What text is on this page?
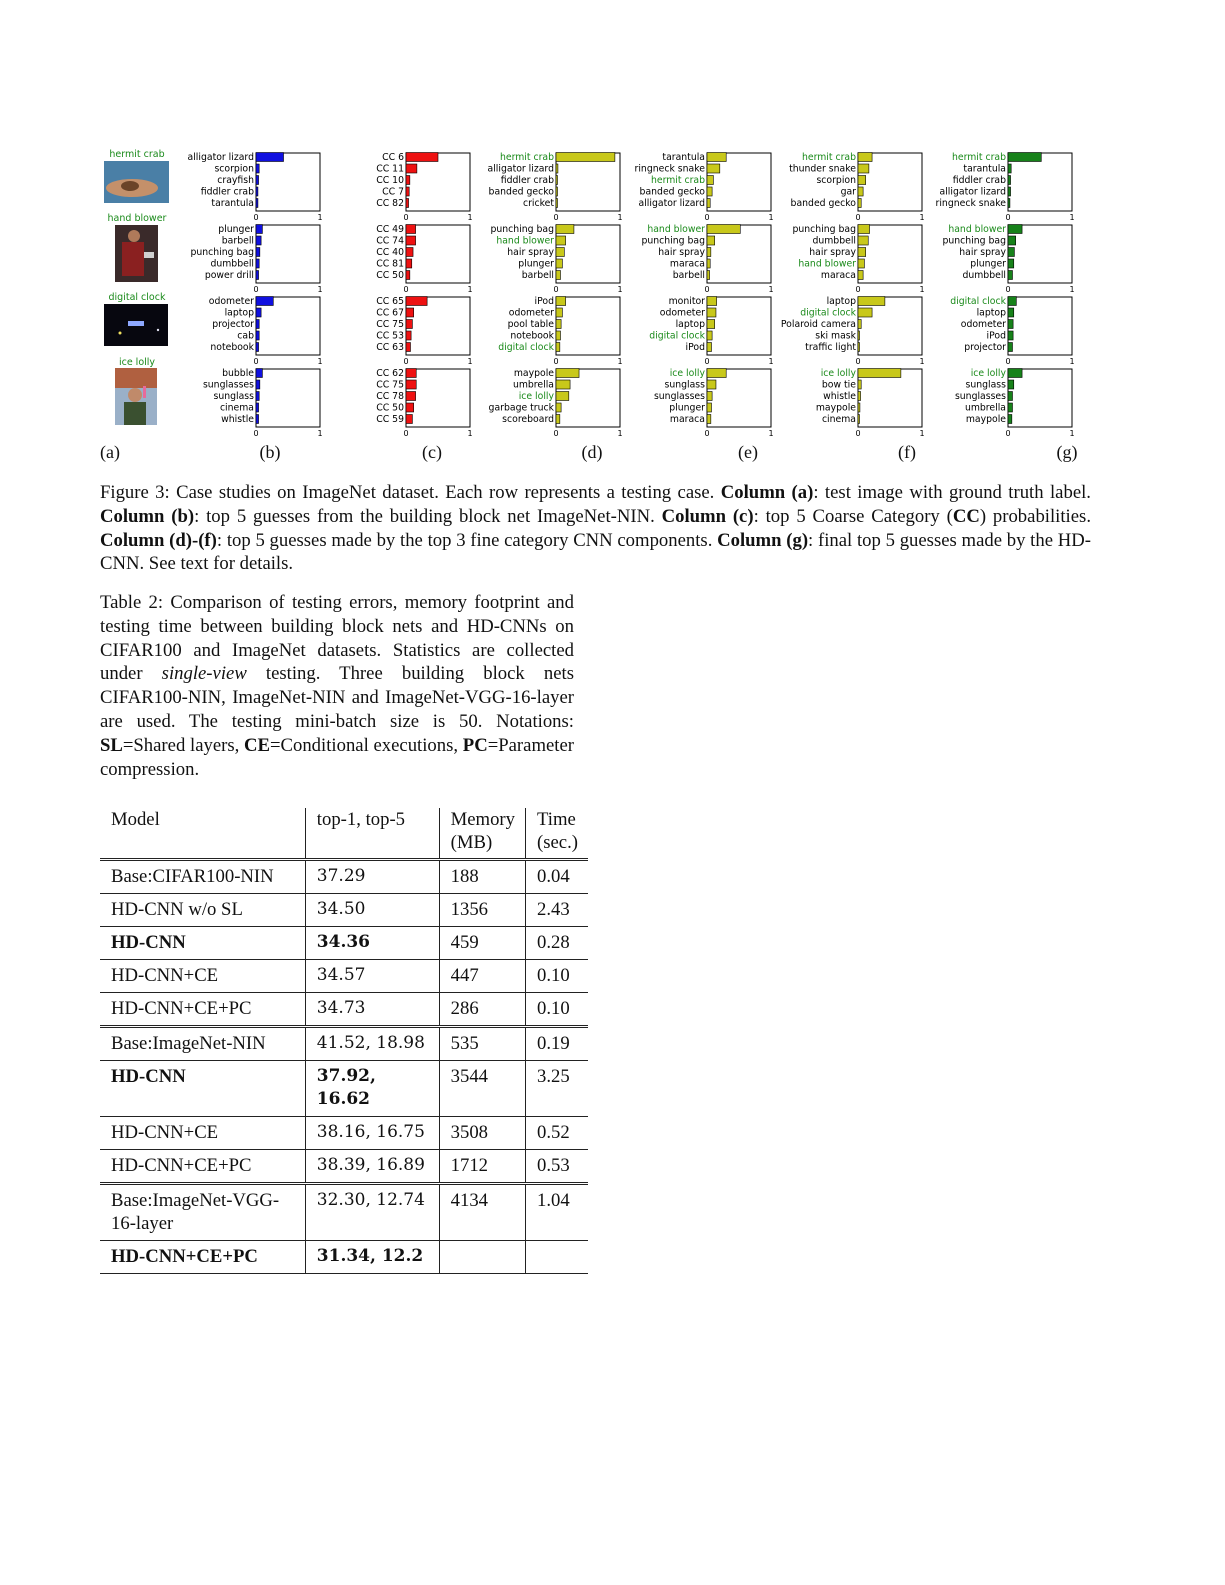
hermit crab
hand blower
digital clock
ice lolly
0	1
alligator lizard
scorpion
crayfish
fiddler crab
tarantula
0	1
CC 6
CC 11
CC 10
CC 7
CC 82
0	1
hermit crab
alligator lizard
fiddler crab
banded gecko
cricket
0	1
tarantula
ringneck snake
hermit crab
banded gecko
alligator lizard
0	1
hermit crab
thunder snake
scorpion
gar
banded gecko
0	1
hermit crab
tarantula
fiddler crab
alligator lizard
ringneck snake
0	1
plunger
barbell
punching bag
dumbbell
power drill
0	1
CC 49
CC 74
CC 40
CC 81
CC 50
0	1
punching bag
hand blower
hair spray
plunger
barbell
0	1
hand blower
punching bag
hair spray
maraca
barbell
0	1
punching bag
dumbbell
hair spray
hand blower
maraca
0	1
hand blower
punching bag
hair spray
plunger
dumbbell
0	1
odometer
laptop
projector
cab
notebook
0	1
CC 65
CC 67
CC 75
CC 53
CC 63
0	1
iPod
odometer
pool table
notebook
digital clock
0	1
monitor
odometer
laptop
digital clock
iPod
0	1
laptop
digital clock
Polaroid camera
ski mask
traffic light
0	1
digital clock
laptop
odometer
iPod
projector
0	1
bubble
sunglasses
sunglass
cinema
whistle
0	1
CC 62
CC 75
CC 78
CC 50
CC 59
0	1
maypole
umbrella
ice lolly
garbage truck
scoreboard
0	1
ice lolly
sunglass
sunglasses
plunger
maraca
0	1
ice lolly
bow tie
whistle
maypole
cinema
0	1
ice lolly
sunglass
sunglasses
umbrella
maypole
(a)	(b)	(c)	(d)	(e)	(f)	(g)
Figure 3: Case studies on ImageNet dataset. Each row represents a testing case. Column (a): test image with ground truth label. Column (b): top 5 guesses from the building block net ImageNet-NIN. Column (c): top 5 Coarse Category (CC) probabilities. Column (d)-(f): top 5 guesses made by the top 3 fine category CNN components. Column (g): final top 5 guesses made by the HD-CNN. See text for details.
Table 2: Comparison of testing errors, memory footprint and testing time between building block nets and HD-CNNs on CIFAR100 and ImageNet datasets. Statistics are collected under single-view testing. Three building block nets CIFAR100-NIN, ImageNet-NIN and ImageNet-VGG-16-layer are used. The testing mini-batch size is 50. Notations: SL=Shared layers, CE=Conditional executions, PC=Parameter compression.
Model	top-1, top-5	Memory (MB)	Time (sec.)
Base:CIFAR100-NIN	37.29	188	0.04
HD-CNN w/o SL	34.50	1356	2.43
HD-CNN	34.36	459	0.28
HD-CNN+CE	34.57	447	0.10
HD-CNN+CE+PC	34.73	286	0.10
Base:ImageNet-NIN	41.52, 18.98	535	0.19
HD-CNN	37.92, 16.62	3544	3.25
HD-CNN+CE	38.16, 16.75	3508	0.52
HD-CNN+CE+PC	38.39, 16.89	1712	0.53
Base:ImageNet-VGG-16-layer	32.30, 12.74	4134	1.04
HD-CNN+CE+PC	31.34, 12.2		
